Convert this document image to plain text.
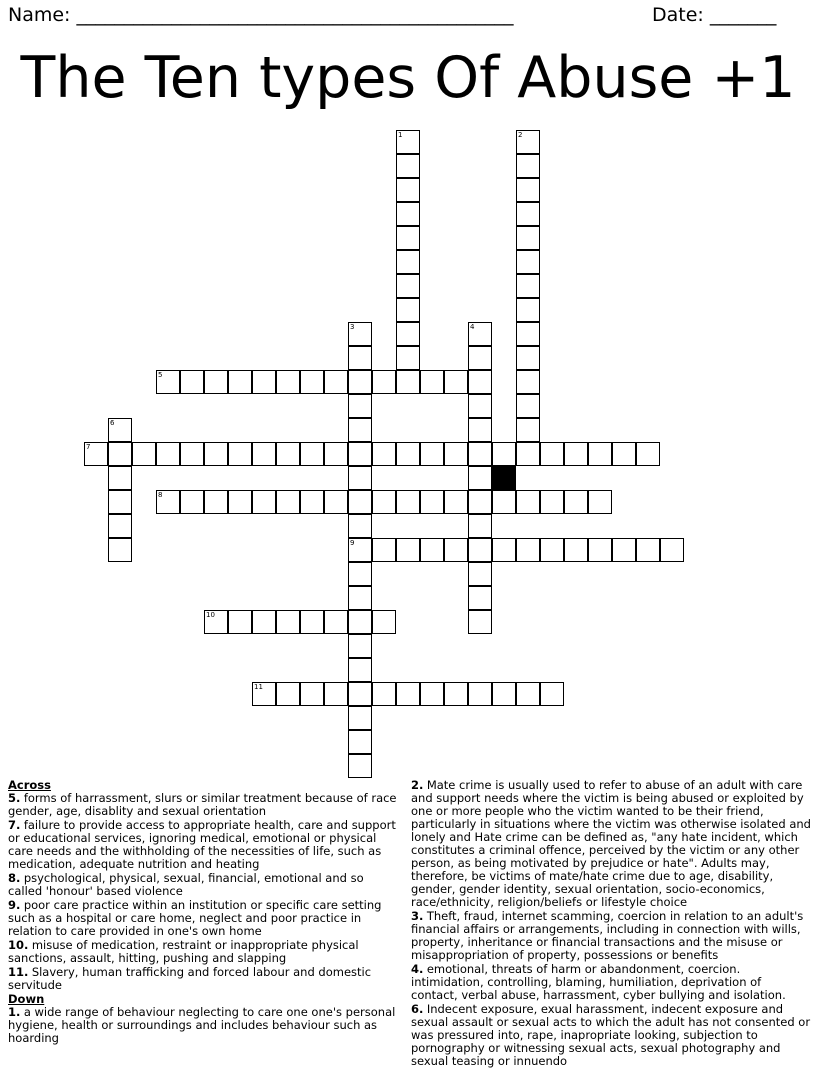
Name: ______________________________________________	Date: _______
The Ten types Of Abuse +1
1	2
3
9
4
5
6
7
8
10
11
Across
5. forms of harrassment, slurs or similar treatment because of race gender, age, disablity and sexual orientation
7. failure to provide access to appropriate health, care and support or educational services, ignoring medical, emotional or physical care needs and the withholding of the necessities of life, such as medication, adequate nutrition and heating
8. psychological, physical, sexual, financial, emotional and so called 'honour' based violence
9. poor care practice within an institution or specific care setting such as a hospital or care home, neglect and poor practice in relation to care provided in one's own home
10. misuse of medication, restraint or inappropriate physical sanctions, assault, hitting, pushing and slapping
11. Slavery, human trafficking and forced labour and domestic servitude
Down
1. a wide range of behaviour neglecting to care one one's personal hygiene, health or surroundings and includes behaviour such as hoarding
2. Mate crime is usually used to refer to abuse of an adult with care and support needs where the victim is being abused or exploited by one or more people who the victim wanted to be their friend, particularly in situations where the victim was otherwise isolated and lonely and Hate crime can be defined as, "any hate incident, which constitutes a criminal offence, perceived by the victim or any other person, as being motivated by prejudice or hate". Adults may, therefore, be victims of mate/hate crime due to age, disability, gender, gender identity, sexual orientation, socio-economics, race/ethnicity, religion/beliefs or lifestyle choice
3. Theft, fraud, internet scamming, coercion in relation to an adult's financial affairs or arrangements, including in connection with wills, property, inheritance or financial transactions and the misuse or misappropriation of property, possessions or benefits
4. emotional, threats of harm or abandonment, coercion. intimidation, controlling, blaming, humiliation, deprivation of contact, verbal abuse, harrassment, cyber bullying and isolation.
6. Indecent exposure, exual harassment, indecent exposure and sexual assault or sexual acts to which the adult has not consented or was pressured into, rape, inapropriate looking, subjection to pornography or witnessing sexual acts, sexual photography and sexual teasing or innuendo
